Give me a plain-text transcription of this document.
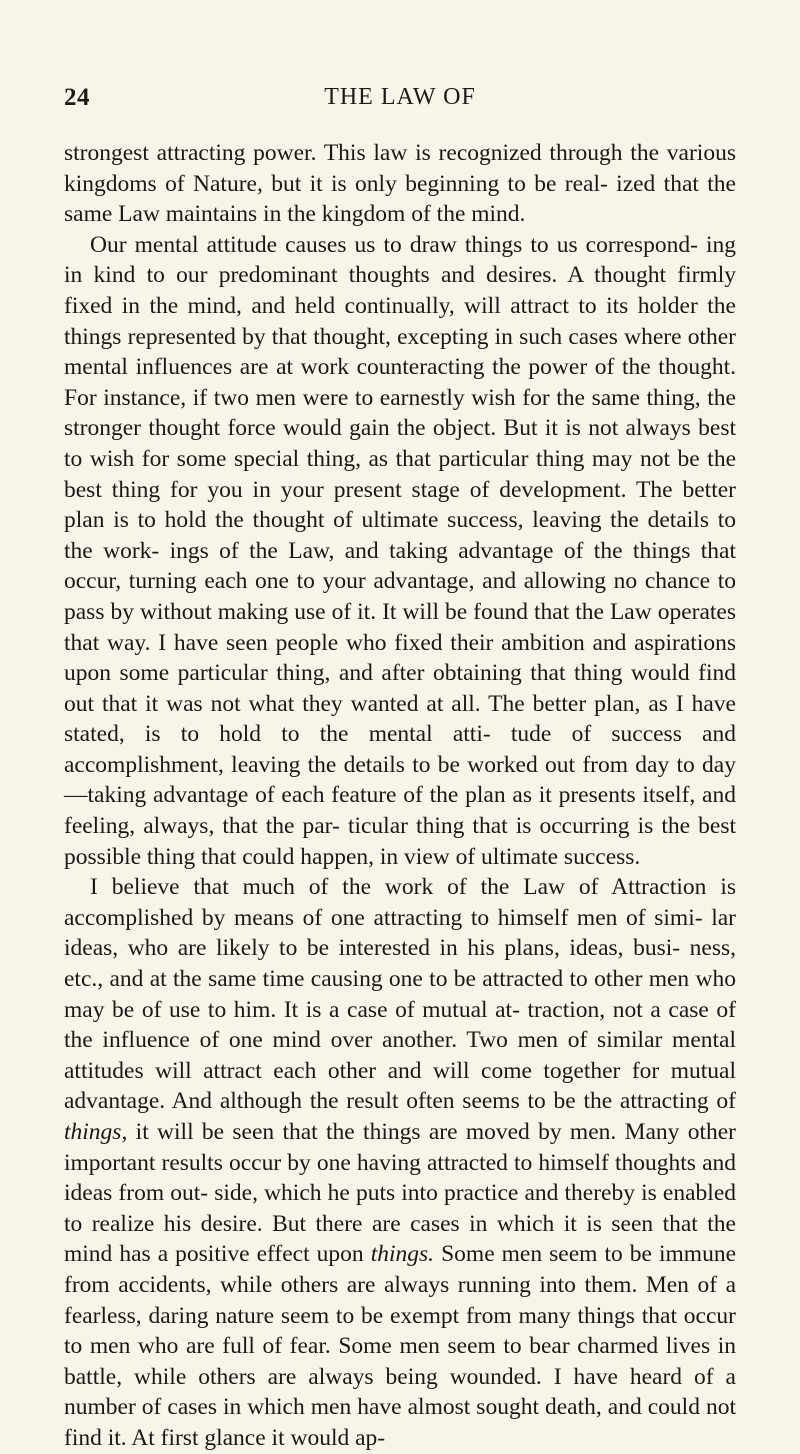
24	THE LAW OF

strongest attracting power. This law is recognized through the various kingdoms of Nature, but it is only beginning to be real- ized that the same Law maintains in the kingdom of the mind.

Our mental attitude causes us to draw things to us correspond- ing in kind to our predominant thoughts and desires. A thought firmly fixed in the mind, and held continually, will attract to its holder the things represented by that thought, excepting in such cases where other mental influences are at work counteracting the power of the thought. For instance, if two men were to earnestly wish for the same thing, the stronger thought force would gain the object. But it is not always best to wish for some special thing, as that particular thing may not be the best thing for you in your present stage of development. The better plan is to hold the thought of ultimate success, leaving the details to the work- ings of the Law, and taking advantage of the things that occur, turning each one to your advantage, and allowing no chance to pass by without making use of it. It will be found that the Law operates that way. I have seen people who fixed their ambition and aspirations upon some particular thing, and after obtaining that thing would find out that it was not what they wanted at all. The better plan, as I have stated, is to hold to the mental atti- tude of success and accomplishment, leaving the details to be worked out from day to day—taking advantage of each feature of the plan as it presents itself, and feeling, always, that the par- ticular thing that is occurring is the best possible thing that could happen, in view of ultimate success.

I believe that much of the work of the Law of Attraction is accomplished by means of one attracting to himself men of simi- lar ideas, who are likely to be interested in his plans, ideas, busi- ness, etc., and at the same time causing one to be attracted to other men who may be of use to him. It is a case of mutual at- traction, not a case of the influence of one mind over another. Two men of similar mental attitudes will attract each other and will come together for mutual advantage. And although the result often seems to be the attracting of things, it will be seen that the things are moved by men. Many other important results occur by one having attracted to himself thoughts and ideas from out- side, which he puts into practice and thereby is enabled to realize his desire. But there are cases in which it is seen that the mind has a positive effect upon things. Some men seem to be immune from accidents, while others are always running into them. Men of a fearless, daring nature seem to be exempt from many things that occur to men who are full of fear. Some men seem to bear charmed lives in battle, while others are always being wounded. I have heard of a number of cases in which men have almost sought death, and could not find it. At first glance it would ap-
